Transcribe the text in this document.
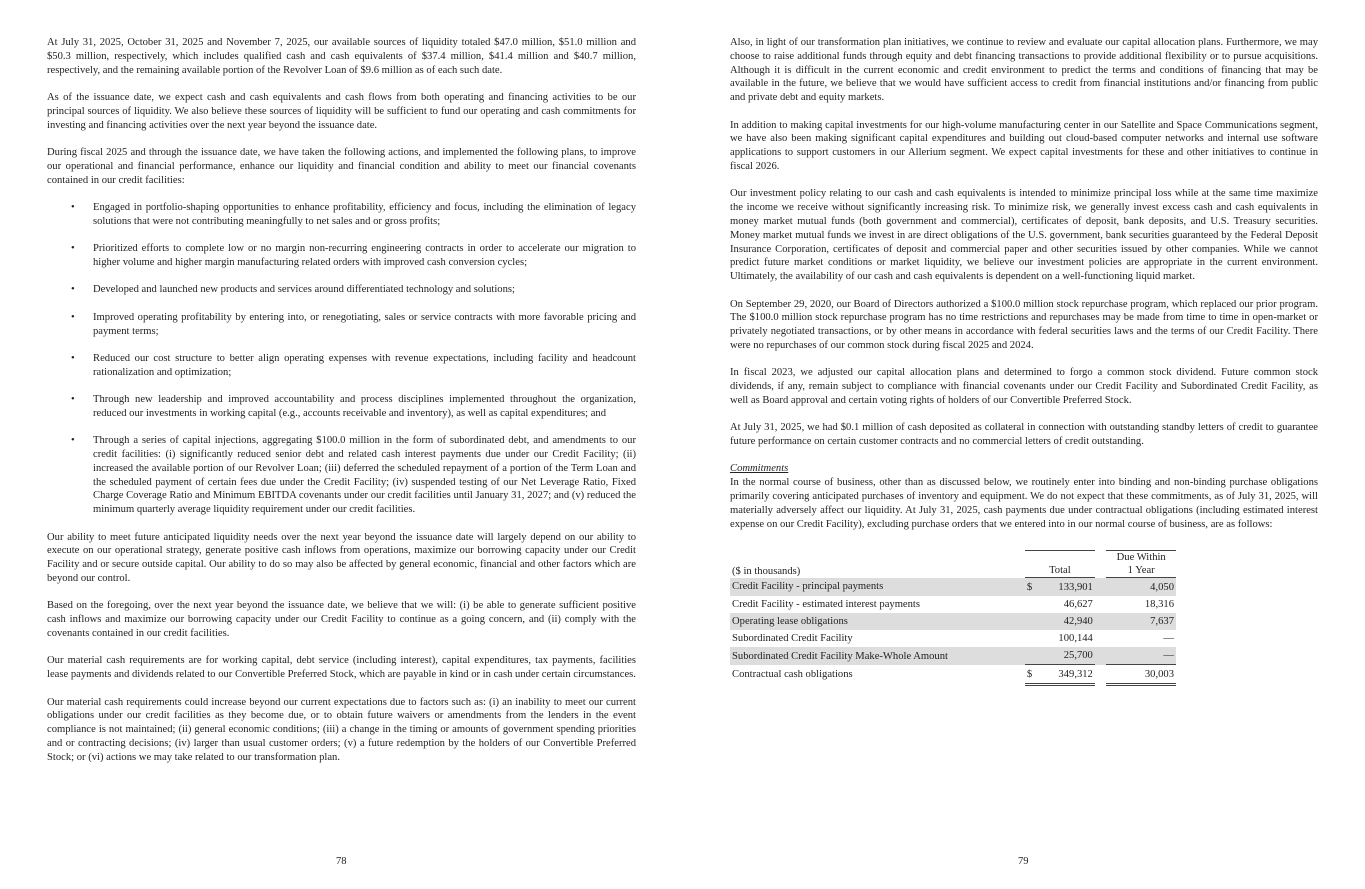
At July 31, 2025, October 31, 2025 and November 7, 2025, our available sources of liquidity totaled $47.0 million, $51.0 million and $50.3 million, respectively, which includes qualified cash and cash equivalents of $37.4 million, $41.4 million and $40.7 million, respectively, and the remaining available portion of the Revolver Loan of $9.6 million as of each such date.

As of the issuance date, we expect cash and cash equivalents and cash flows from both operating and financing activities to be our principal sources of liquidity. We also believe these sources of liquidity will be sufficient to fund our operating and cash commitments for investing and financing activities over the next year beyond the issuance date.

During fiscal 2025 and through the issuance date, we have taken the following actions, and implemented the following plans, to improve our operational and financial performance, enhance our liquidity and financial condition and ability to meet our financial covenants contained in our credit facilities:

• Engaged in portfolio-shaping opportunities to enhance profitability, efficiency and focus, including the elimination of legacy solutions that were not contributing meaningfully to net sales and or gross profits;
• Prioritized efforts to complete low or no margin non-recurring engineering contracts in order to accelerate our migration to higher volume and higher margin manufacturing related orders with improved cash conversion cycles;
• Developed and launched new products and services around differentiated technology and solutions;
• Improved operating profitability by entering into, or renegotiating, sales or service contracts with more favorable pricing and payment terms;
• Reduced our cost structure to better align operating expenses with revenue expectations, including facility and headcount rationalization and optimization;
• Through new leadership and improved accountability and process disciplines implemented throughout the organization, reduced our investments in working capital (e.g., accounts receivable and inventory), as well as capital expenditures; and
• Through a series of capital injections, aggregating $100.0 million in the form of subordinated debt, and amendments to our credit facilities: (i) significantly reduced senior debt and related cash interest payments due under our Credit Facility; (ii) increased the available portion of our Revolver Loan; (iii) deferred the scheduled repayment of a portion of the Term Loan and the scheduled payment of certain fees due under the Credit Facility; (iv) suspended testing of our Net Leverage Ratio, Fixed Charge Coverage Ratio and Minimum EBITDA covenants under our credit facilities until January 31, 2027; and (v) reduced the minimum quarterly average liquidity requirement under our credit facilities.

Our ability to meet future anticipated liquidity needs over the next year beyond the issuance date will largely depend on our ability to execute on our operational strategy, generate positive cash inflows from operations, maximize our borrowing capacity under our Credit Facility and or secure outside capital. Our ability to do so may also be affected by general economic, financial and other factors which are beyond our control.

Based on the foregoing, over the next year beyond the issuance date, we believe that we will: (i) be able to generate sufficient positive cash inflows and maximize our borrowing capacity under our Credit Facility to continue as a going concern, and (ii) comply with the covenants contained in our credit facilities.

Our material cash requirements are for working capital, debt service (including interest), capital expenditures, tax payments, facilities lease payments and dividends related to our Convertible Preferred Stock, which are payable in kind or in cash under certain circumstances.

Our material cash requirements could increase beyond our current expectations due to factors such as: (i) an inability to meet our current obligations under our credit facilities as they become due, or to obtain future waivers or amendments from the lenders in the event compliance is not maintained; (ii) general economic conditions; (iii) a change in the timing or amounts of government spending priorities and or contracting decisions; (iv) larger than usual customer orders; (v) a future redemption by the holders of our Convertible Preferred Stock; or (vi) actions we may take related to our transformation plan.

78

Also, in light of our transformation plan initiatives, we continue to review and evaluate our capital allocation plans. Furthermore, we may choose to raise additional funds through equity and debt financing transactions to provide additional flexibility or to pursue acquisitions. Although it is difficult in the current economic and credit environment to predict the terms and conditions of financing that may be available in the future, we believe that we would have sufficient access to credit from financial institutions and/or financing from public and private debt and equity markets.

In addition to making capital investments for our high-volume manufacturing center in our Satellite and Space Communications segment, we have also been making significant capital expenditures and building out cloud-based computer networks and internal use software applications to support customers in our Allerium segment. We expect capital investments for these and other initiatives to continue in fiscal 2026.

Our investment policy relating to our cash and cash equivalents is intended to minimize principal loss while at the same time maximize the income we receive without significantly increasing risk. To minimize risk, we generally invest excess cash and cash equivalents in money market mutual funds (both government and commercial), certificates of deposit, bank deposits, and U.S. Treasury securities. Money market mutual funds we invest in are direct obligations of the U.S. government, bank securities guaranteed by the Federal Deposit Insurance Corporation, certificates of deposit and commercial paper and other securities issued by other companies. While we cannot predict future market conditions or market liquidity, we believe our investment policies are appropriate in the current environment. Ultimately, the availability of our cash and cash equivalents is dependent on a well-functioning liquid market.

On September 29, 2020, our Board of Directors authorized a $100.0 million stock repurchase program, which replaced our prior program. The $100.0 million stock repurchase program has no time restrictions and repurchases may be made from time to time in open-market or privately negotiated transactions, or by other means in accordance with federal securities laws and the terms of our Credit Facility. There were no repurchases of our common stock during fiscal 2025 and 2024.

In fiscal 2023, we adjusted our capital allocation plans and determined to forgo a common stock dividend. Future common stock dividends, if any, remain subject to compliance with financial covenants under our Credit Facility and Subordinated Credit Facility, as well as Board approval and certain voting rights of holders of our Convertible Preferred Stock.

At July 31, 2025, we had $0.1 million of cash deposited as collateral in connection with outstanding standby letters of credit to guarantee future performance on certain customer contracts and no commercial letters of credit outstanding.

Commitments
In the normal course of business, other than as discussed below, we routinely enter into binding and non-binding purchase obligations primarily covering anticipated purchases of inventory and equipment. We do not expect that these commitments, as of July 31, 2025, will materially adversely affect our liquidity. At July 31, 2025, cash payments due under contractual obligations (including estimated interest expense on our Credit Facility), excluding purchase orders that we entered into in our normal course of business, are as follows:

($ in thousands)		Total		Due Within
1 Year
Credit Facility - principal payments		$ 133,901		4,050
Credit Facility - estimated interest payments		46,627		18,316
Operating lease obligations		42,940		7,637
Subordinated Credit Facility		100,144		—
Subordinated Credit Facility Make-Whole Amount		25,700		—
Contractual cash obligations		$ 349,312		30,003
79
